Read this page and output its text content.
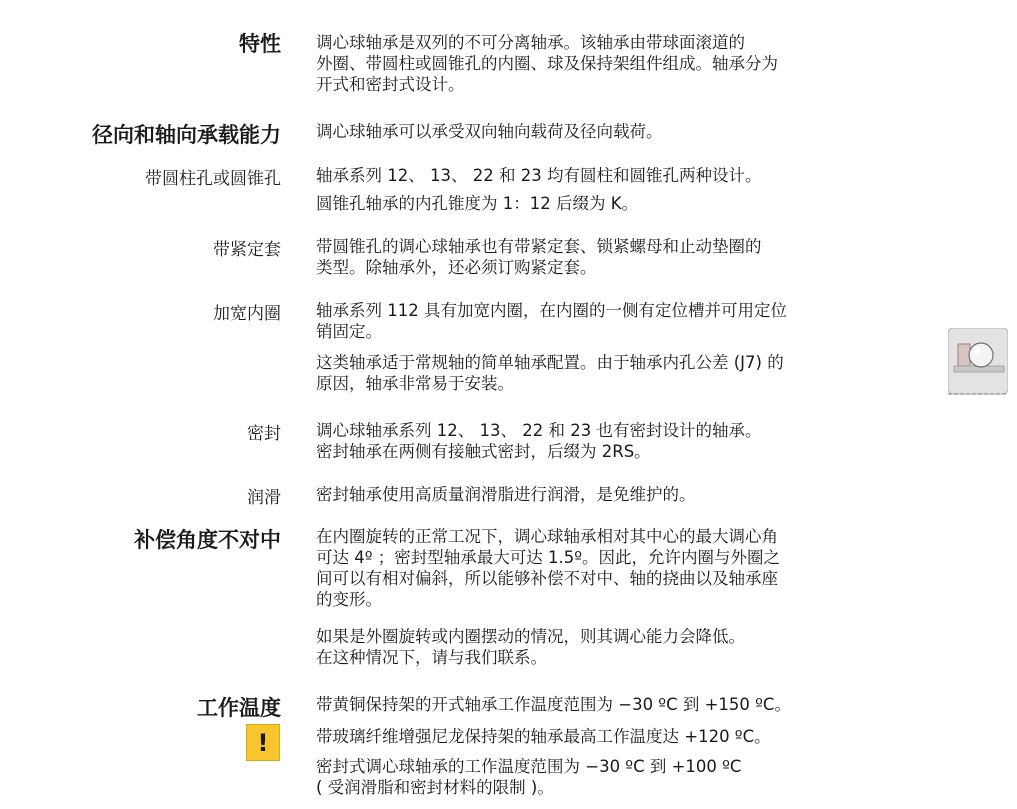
特性 调心球轴承是双列的不可分离轴承。该轴承由带球面滚道的
外圈、带圆柱或圆锥孔的内圈、球及保持架组件组成。轴承分为
开式和密封式设计。
径向和轴向承载能力 调心球轴承可以承受双向轴向载荷及径向载荷。
带圆柱孔或圆锥孔 轴承系列 12、 13、 22 和 23 均有圆柱和圆锥孔两种设计。
圆锥孔轴承的内孔锥度为 1：12 后缀为 K。
带紧定套 带圆锥孔的调心球轴承也有带紧定套、锁紧螺母和止动垫圈的
类型。除轴承外，还必须订购紧定套。
加宽内圈 轴承系列 112 具有加宽内圈，在内圈的一侧有定位槽并可用定位
销固定。
这类轴承适于常规轴的简单轴承配置。由于轴承内孔公差 (J7) 的
原因，轴承非常易于安装。
密封 调心球轴承系列 12、 13、 22 和 23 也有密封设计的轴承。
密封轴承在两侧有接触式密封，后缀为 2RS。
润滑 密封轴承使用高质量润滑脂进行润滑，是免维护的。
补偿角度不对中 在内圈旋转的正常工况下，调心球轴承相对其中心的最大调心角
可达 4º ；密封型轴承最大可达 1.5º。因此，允许内圈与外圈之
间可以有相对偏斜，所以能够补偿不对中、轴的挠曲以及轴承座
的变形。
如果是外圈旋转或内圈摆动的情况，则其调心能力会降低。
在这种情况下，请与我们联系。
工作温度 带黄铜保持架的开式轴承工作温度范围为 −30 ºC 到 +150 ºC。
带玻璃纤维增强尼龙保持架的轴承最高工作温度达 +120 ºC。
密封式调心球轴承的工作温度范围为 −30 ºC 到 +100 ºC
( 受润滑脂和密封材料的限制 )。
!
